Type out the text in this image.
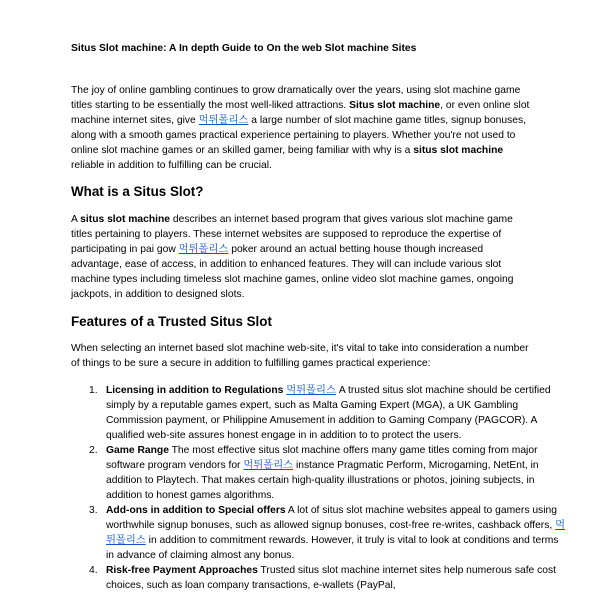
Situs Slot machine: A In depth Guide to On the web Slot machine Sites
The joy of online gambling continues to grow dramatically over the years, using slot machine game titles starting to be essentially the most well-liked attractions. Situs slot machine, or even online slot machine internet sites, give 먹튀폴리스 a large number of slot machine game titles, signup bonuses, along with a smooth games practical experience pertaining to players. Whether you're not used to online slot machine games or an skilled gamer, being familiar with why is a situs slot machine reliable in addition to fulfilling can be crucial.
What is a Situs Slot?
A situs slot machine describes an internet based program that gives various slot machine game titles pertaining to players. These internet websites are supposed to reproduce the expertise of participating in pai gow 먹튀폴리스 poker around an actual betting house though increased advantage, ease of access, in addition to enhanced features. They will can include various slot machine types including timeless slot machine games, online video slot machine games, ongoing jackpots, in addition to designed slots.
Features of a Trusted Situs Slot
When selecting an internet based slot machine web-site, it's vital to take into consideration a number of things to be sure a secure in addition to fulfilling games practical experience:
1. Licensing in addition to Regulations 먹튀폴리스 A trusted situs slot machine should be certified simply by a reputable games expert, such as Malta Gaming Expert (MGA), a UK Gambling Commission payment, or Philippine Amusement in addition to Gaming Company (PAGCOR). A qualified web-site assures honest engage in in addition to to protect the users.
2. Game Range The most effective situs slot machine offers many game titles coming from major software program vendors for 먹튀폴리스 instance Pragmatic Perform, Microgaming, NetEnt, in addition to Playtech. That makes certain high-quality illustrations or photos, joining subjects, in addition to honest games algorithms.
3. Add-ons in addition to Special offers A lot of situs slot machine websites appeal to gamers using worthwhile signup bonuses, such as allowed signup bonuses, cost-free re-writes, cashback offers, 먹튀폴리스 in addition to commitment rewards. However, it truly is vital to look at conditions and terms in advance of claiming almost any bonus.
4. Risk-free Payment Approaches Trusted situs slot machine internet sites help numerous safe cost choices, such as loan company transactions, e-wallets (PayPal,
